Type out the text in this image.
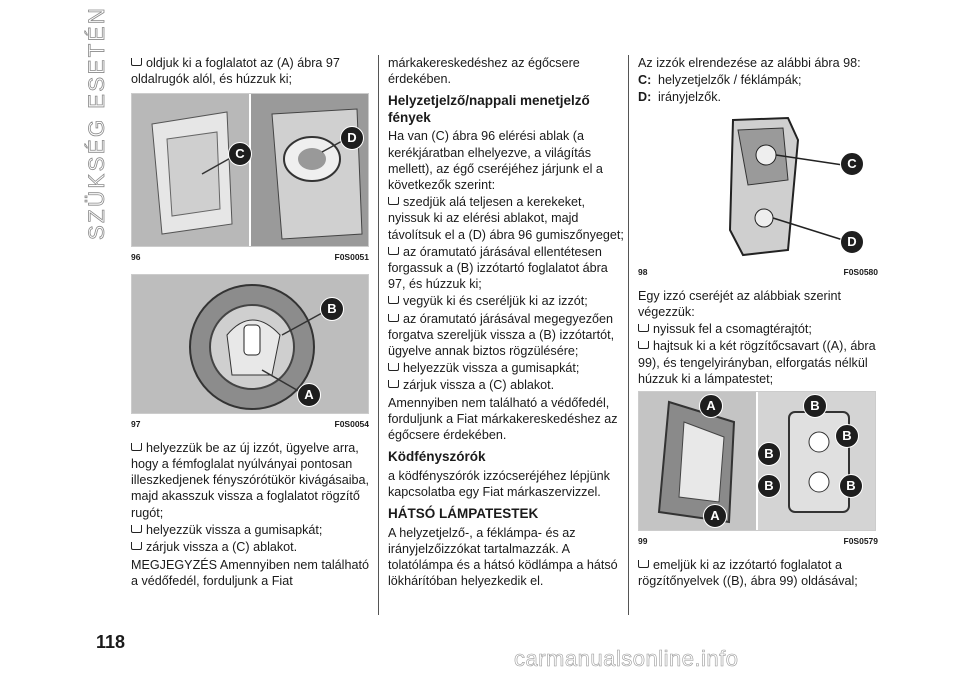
SZÜKSÉG ESETÉN
118

oldjuk ki a foglalatot az (A) ábra 97 oldalrugók alól, és húzzuk ki;

C
D
96	F0S0051
B
A
97	F0S0054

helyezzük be az új izzót, ügyelve arra, hogy a fémfoglalat nyúlványai pontosan illeszkedjenek fényszórótükör kivágásaiba, majd akasszuk vissza a foglalatot rögzítő rugót;

helyezzük vissza a gumisapkát;

zárjuk vissza a (C) ablakot.

MEGJEGYZÉS Amennyiben nem található a védőfedél, forduljunk a Fiat

márkakereskedéshez az égőcsere érdekében.

Helyzetjelző/nappali menetjelző fények

Ha van (C) ábra 96 elérési ablak (a kerékjáratban elhelyezve, a világítás mellett), az égő cseréjéhez járjunk el a következők szerint:

szedjük alá teljesen a kerekeket, nyissuk ki az elérési ablakot, majd távolítsuk el a (D) ábra 96 gumiszőnyeget;

az óramutató járásával ellentétesen forgassuk a (B) izzótartó foglalatot ábra 97, és húzzuk ki;

vegyük ki és cseréljük ki az izzót;

az óramutató járásával megegyezően forgatva szereljük vissza a (B) izzótartót, ügyelve annak biztos rögzülésére;

helyezzük vissza a gumisapkát;

zárjuk vissza a (C) ablakot.

Amennyiben nem található a védőfedél, forduljunk a Fiat márkakereskedéshez az égőcsere érdekében.

Ködfényszórók

a ködfényszórók izzócseréjéhez lépjünk kapcsolatba egy Fiat márkaszervizzel.

HÁTSÓ LÁMPATESTEK

A helyzetjelző-, a féklámpa- és az irányjelzőizzókat tartalmazzák. A tolatólámpa és a hátsó ködlámpa a hátsó lökhárítóban helyezkedik el.

Az izzók elrendezése az alábbi ábra 98:

C: helyzetjelzők / féklámpák;

D: irányjelzők.

C
D
98	F0S0580

Egy izzó cseréjét az alábbiak szerint végezzük:

nyissuk fel a csomagtérajtót;

hajtsuk ki a két rögzítőcsavart ((A), ábra 99), és tengelyirányban, elforgatás nélkül húzzuk ki a lámpatestet;

A
A
B
B
B
B	B
99	F0S0579

emeljük ki az izzótartó foglalatot a rögzítőnyelvek ((B), ábra 99) oldásával;

carmanualsonline.info
